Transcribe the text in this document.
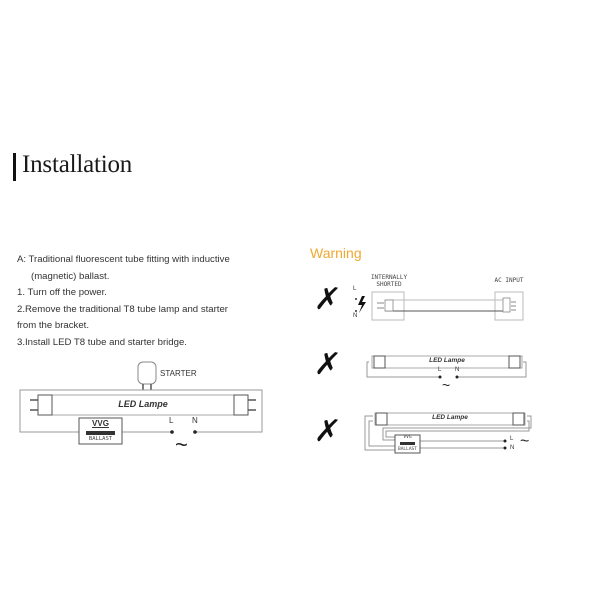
Installation
A: Traditional fluorescent tube fitting with inductive
(magnetic) ballast.
1. Turn off the power.
2.Remove the traditional T8 tube lamp and starter
from the bracket.
3.Install LED T8 tube and starter bridge.
STARTER
LED Lampe
VVG
BALLAST
L N
~
Warning
✗
INTERNALLY
SHORTED
AC INPUT
L
N
✗	LED Lampe
L N
~
✗	LED Lampe
VVG
BALLAST
L
N ~
